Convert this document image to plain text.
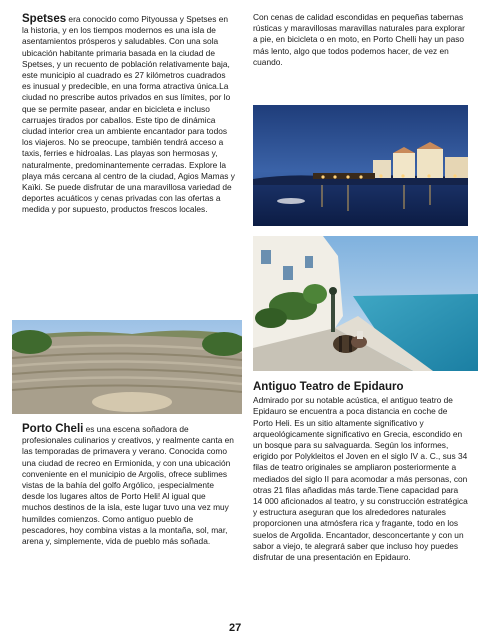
Spetses era conocido como Pityoussa y Spetses en la historia, y en los tiempos modernos es una isla de asentamientos prósperos y saludables. Con una sola ubicación habitante primaria basada en la ciudad de Spetses, y un recuento de población relativamente baja, este municipio al cuadrado es 27 kilómetros cuadrados es inusual y predecible, en una forma atractiva única.La ciudad no prescribe autos privados en sus límites, por lo que se permite pasear, andar en bicicleta e incluso carruajes tirados por caballos. Este tipo de dinámica ciudad interior crea un ambiente encantador para todos los viajeros. No se preocupe, también tendrá acceso a taxis, ferries e hidroalas. Las playas son hermosas y, naturalmente, predominantemente cerradas. Explore la playa más cercana al centro de la ciudad, Agios Mamas y Kaïki. Se puede disfrutar de una maravillosa variedad de deportes acuáticos y cenas privadas con las ofertas a medida y por supuesto, productos frescos locales.
Con cenas de calidad escondidas en pequeñas tabernas rústicas y maravillosas maravillas naturales para explorar a pie, en bicicleta o en moto, en Porto Chelli hay un paso más lento, algo que todos podemos hacer, de vez en cuando.
Porto Cheli es una escena soñadora de profesionales culinarios y creativos, y realmente canta en las temporadas de primavera y verano. Conocida como una ciudad de recreo en Ermionida, y con una ubicación conveniente en el municipio de Argolis, ofrece sublimes vistas de la bahía del golfo Argólico, ¡especialmente desde los lugares altos de Porto Heli! Al igual que muchos destinos de la isla, este lugar tuvo una vez muy humildes comienzos. Como antiguo pueblo de pescadores, hoy combina vistas a la montaña, sol, mar, arena y, simplemente, vida de pueblo más soñada.
Antiguo Teatro de Epidauro
Admirado por su notable acústica, el antiguo teatro de Epidauro se encuentra a poca distancia en coche de Porto Heli. Es un sitio altamente significativo y arqueológicamente significativo en Grecia, escondido en un bosque para su salvaguarda. Según los informes, erigido por Polykleitos el Joven en el siglo IV a. C., sus 34 filas de teatro originales se ampliaron posteriormente a mediados del siglo II para acomodar a más personas, con otras 21 filas añadidas más tarde.Tiene capacidad para 14 000 aficionados al teatro, y su construcción estratégica y estructura aseguran que los alrededores naturales proporcionen una atmósfera rica y fragante, todo en los suelos de Argolida. Encantador, desconcertante y con un sabor a viejo, te alegrará saber que incluso hoy puedes disfrutar de una presentación en Epidauro.
27
